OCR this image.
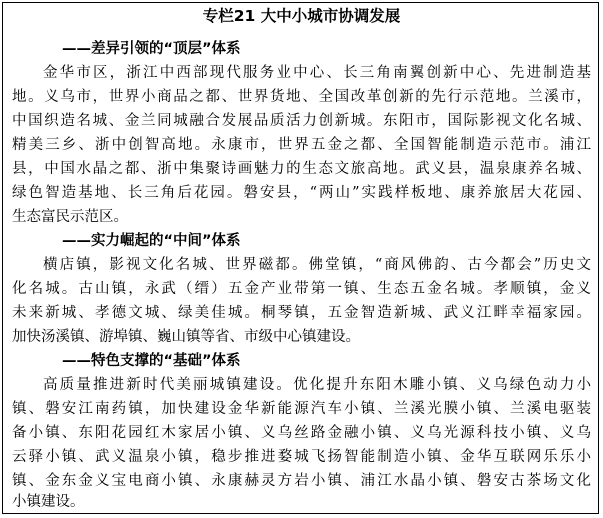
专栏21 大中小城市协调发展
——差异引领的“顶层”体系
金华市区，浙江中西部现代服务业中心、长三角南翼创新中心、先进制造基
地。义乌市，世界小商品之都、世界货地、全国改革创新的先行示范地。兰溪市，
中国织造名城、金兰同城融合发展品质活力创新城。东阳市，国际影视文化名城、
精美三乡、浙中创智高地。永康市，世界五金之都、全国智能制造示范市。浦江
县，中国水晶之都、浙中集聚诗画魅力的生态文旅高地。武义县，温泉康养名城、
绿色智造基地、长三角后花园。磐安县，“两山”实践样板地、康养旅居大花园、
生态富民示范区。
——实力崛起的“中间”体系
横店镇，影视文化名城、世界磁都。佛堂镇，“商风佛韵、古今都会”历史文
化名城。古山镇，永武（缙）五金产业带第一镇、生态五金名城。孝顺镇，金义
未来新城、孝德文城、绿美佳城。桐琴镇，五金智造新城、武义江畔幸福家园。
加快汤溪镇、游埠镇、巍山镇等省、市级中心镇建设。
——特色支撑的“基础”体系
高质量推进新时代美丽城镇建设。优化提升东阳木雕小镇、义乌绿色动力小
镇、磐安江南药镇，加快建设金华新能源汽车小镇、兰溪光膜小镇、兰溪电驱装
备小镇、东阳花园红木家居小镇、义乌丝路金融小镇、义乌光源科技小镇、义乌
云驿小镇、武义温泉小镇，稳步推进婺城飞扬智能制造小镇、金华互联网乐乐小
镇、金东金义宝电商小镇、永康赫灵方岩小镇、浦江水晶小镇、磐安古茶场文化
小镇建设。
